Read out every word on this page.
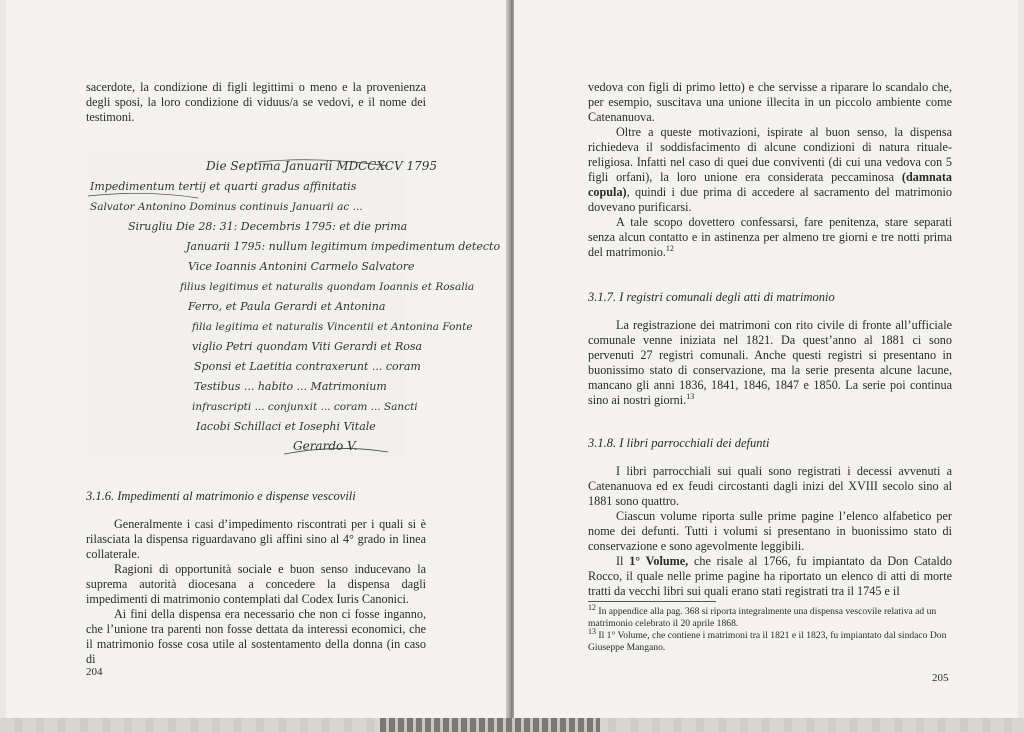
sacerdote, la condizione di figli legittimi o meno e la provenienza degli sposi, la loro condizione di viduus/a se vedovi, e il nome dei testimoni.

Die Septima Januarii MDCCXCV 1795
Impedimentum tertij et quarti gradus affinitatis
Salvator Antonino Dominus continuis Januarii ac ...
Sirugliu Die 28: 31: Decembris 1795: et die prima
Januarii 1795: nullum legitimum impedimentum detecto
Vice Ioannis Antonini Carmelo Salvatore
filius legitimus et naturalis quondam Ioannis et Rosalia
Ferro, et Paula Gerardi et Antonina
filia legitima et naturalis Vincentii et Antonina Fonte
viglio Petri quondam Viti Gerardi et Rosa
Sponsi et Laetitia contraxerunt ... coram
Testibus ... habito ... Matrimonium
infrascripti ... conjunxit ... coram ... Sancti
Iacobi Schillaci et Iosephi Vitale
Gerardo V.
3.1.6. Impedimenti al matrimonio e dispense vescovili

Generalmente i casi d’impedimento riscontrati per i quali si è rilasciata la dispensa riguardavano gli affini sino al 4° grado in linea collaterale.

Ragioni di opportunità sociale e buon senso inducevano la suprema autorità diocesana a concedere la dispensa dagli impedimenti di matrimonio contemplati dal Codex Iuris Canonici.

Ai fini della dispensa era necessario che non ci fosse inganno, che l’unione tra parenti non fosse dettata da interessi economici, che il matrimonio fosse cosa utile al sostentamento della donna (in caso di

204

vedova con figli di primo letto) e che servisse a riparare lo scandalo che, per esempio, suscitava una unione illecita in un piccolo ambiente come Catenanuova.

Oltre a queste motivazioni, ispirate al buon senso, la dispensa richiedeva il soddisfacimento di alcune condizioni di natura rituale-religiosa. Infatti nel caso di quei due conviventi (di cui una vedova con 5 figli orfani), la loro unione era considerata peccaminosa (damnata copula), quindi i due prima di accedere al sacramento del matrimonio dovevano purificarsi.

A tale scopo dovettero confessarsi, fare penitenza, stare separati senza alcun contatto e in astinenza per almeno tre giorni e tre notti prima del matrimonio.$^{12}$

3.1.7. I registri comunali degli atti di matrimonio

La registrazione dei matrimoni con rito civile di fronte all’ufficiale comunale venne iniziata nel 1821. Da quest’anno al 1881 ci sono pervenuti 27 registri comunali. Anche questi registri si presentano in buonissimo stato di conservazione, ma la serie presenta alcune lacune, mancano gli anni 1836, 1841, 1846, 1847 e 1850. La serie poi continua sino ai nostri giorni.$^{13}$

3.1.8. I libri parrocchiali dei defunti

I libri parrocchiali sui quali sono registrati i decessi avvenuti a Catenanuova ed ex feudi circostanti dagli inizi del XVIII secolo sino al 1881 sono quattro.

Ciascun volume riporta sulle prime pagine l’elenco alfabetico per nome dei defunti. Tutti i volumi si presentano in buonissimo stato di conservazione e sono agevolmente leggibili.

Il 1° Volume, che risale al 1766, fu impiantato da Don Cataldo Rocco, il quale nelle prime pagine ha riportato un elenco di atti di morte tratti da vecchi libri sui quali erano stati registrati tra il 1745 e il

$^{12}$ In appendice alla pag. 368 si riporta integralmente una dispensa vescovile relativa ad un matrimonio celebrato il 20 aprile 1868.

$^{13}$ Il 1° Volume, che contiene i matrimoni tra il 1821 e il 1823, fu impiantato dal sindaco Don Giuseppe Mangano.

205
